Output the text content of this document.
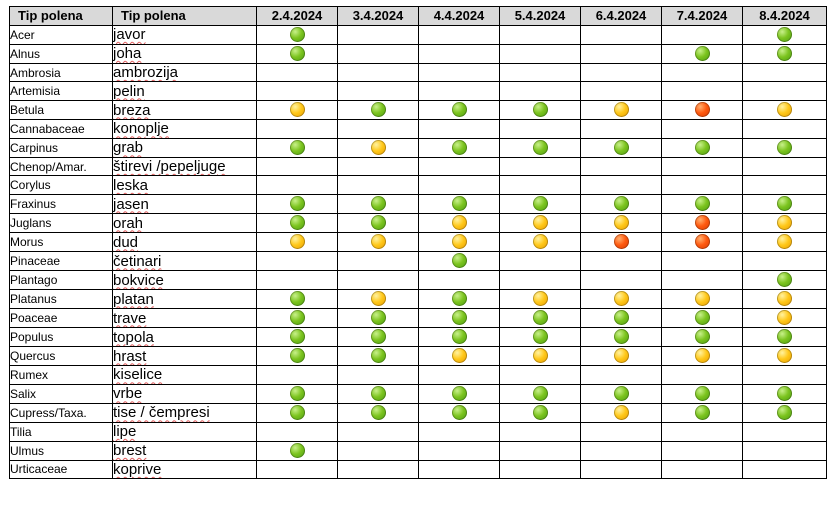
Tip polena	Tip polena	2.4.2024	3.4.2024	4.4.2024	5.4.2024	6.4.2024	7.4.2024	8.4.2024
Acer	javor							
Alnus	joha							
Ambrosia	ambrozija							
Artemisia	pelin							
Betula	breza							
Cannabaceae	konoplje							
Carpinus	grab							
Chenop/Amar.	štirevi /pepeljuge							
Corylus	leska							
Fraxinus	jasen							
Juglans	orah							
Morus	dud							
Pinaceae	četinari							
Plantago	bokvice							
Platanus	platan							
Poaceae	trave							
Populus	topola							
Quercus	hrast							
Rumex	kiselice							
Salix	vrbe							
Cupress/Taxa.	tise / čempresi							
Tilia	lipe							
Ulmus	brest							
Urticaceae	koprive							
